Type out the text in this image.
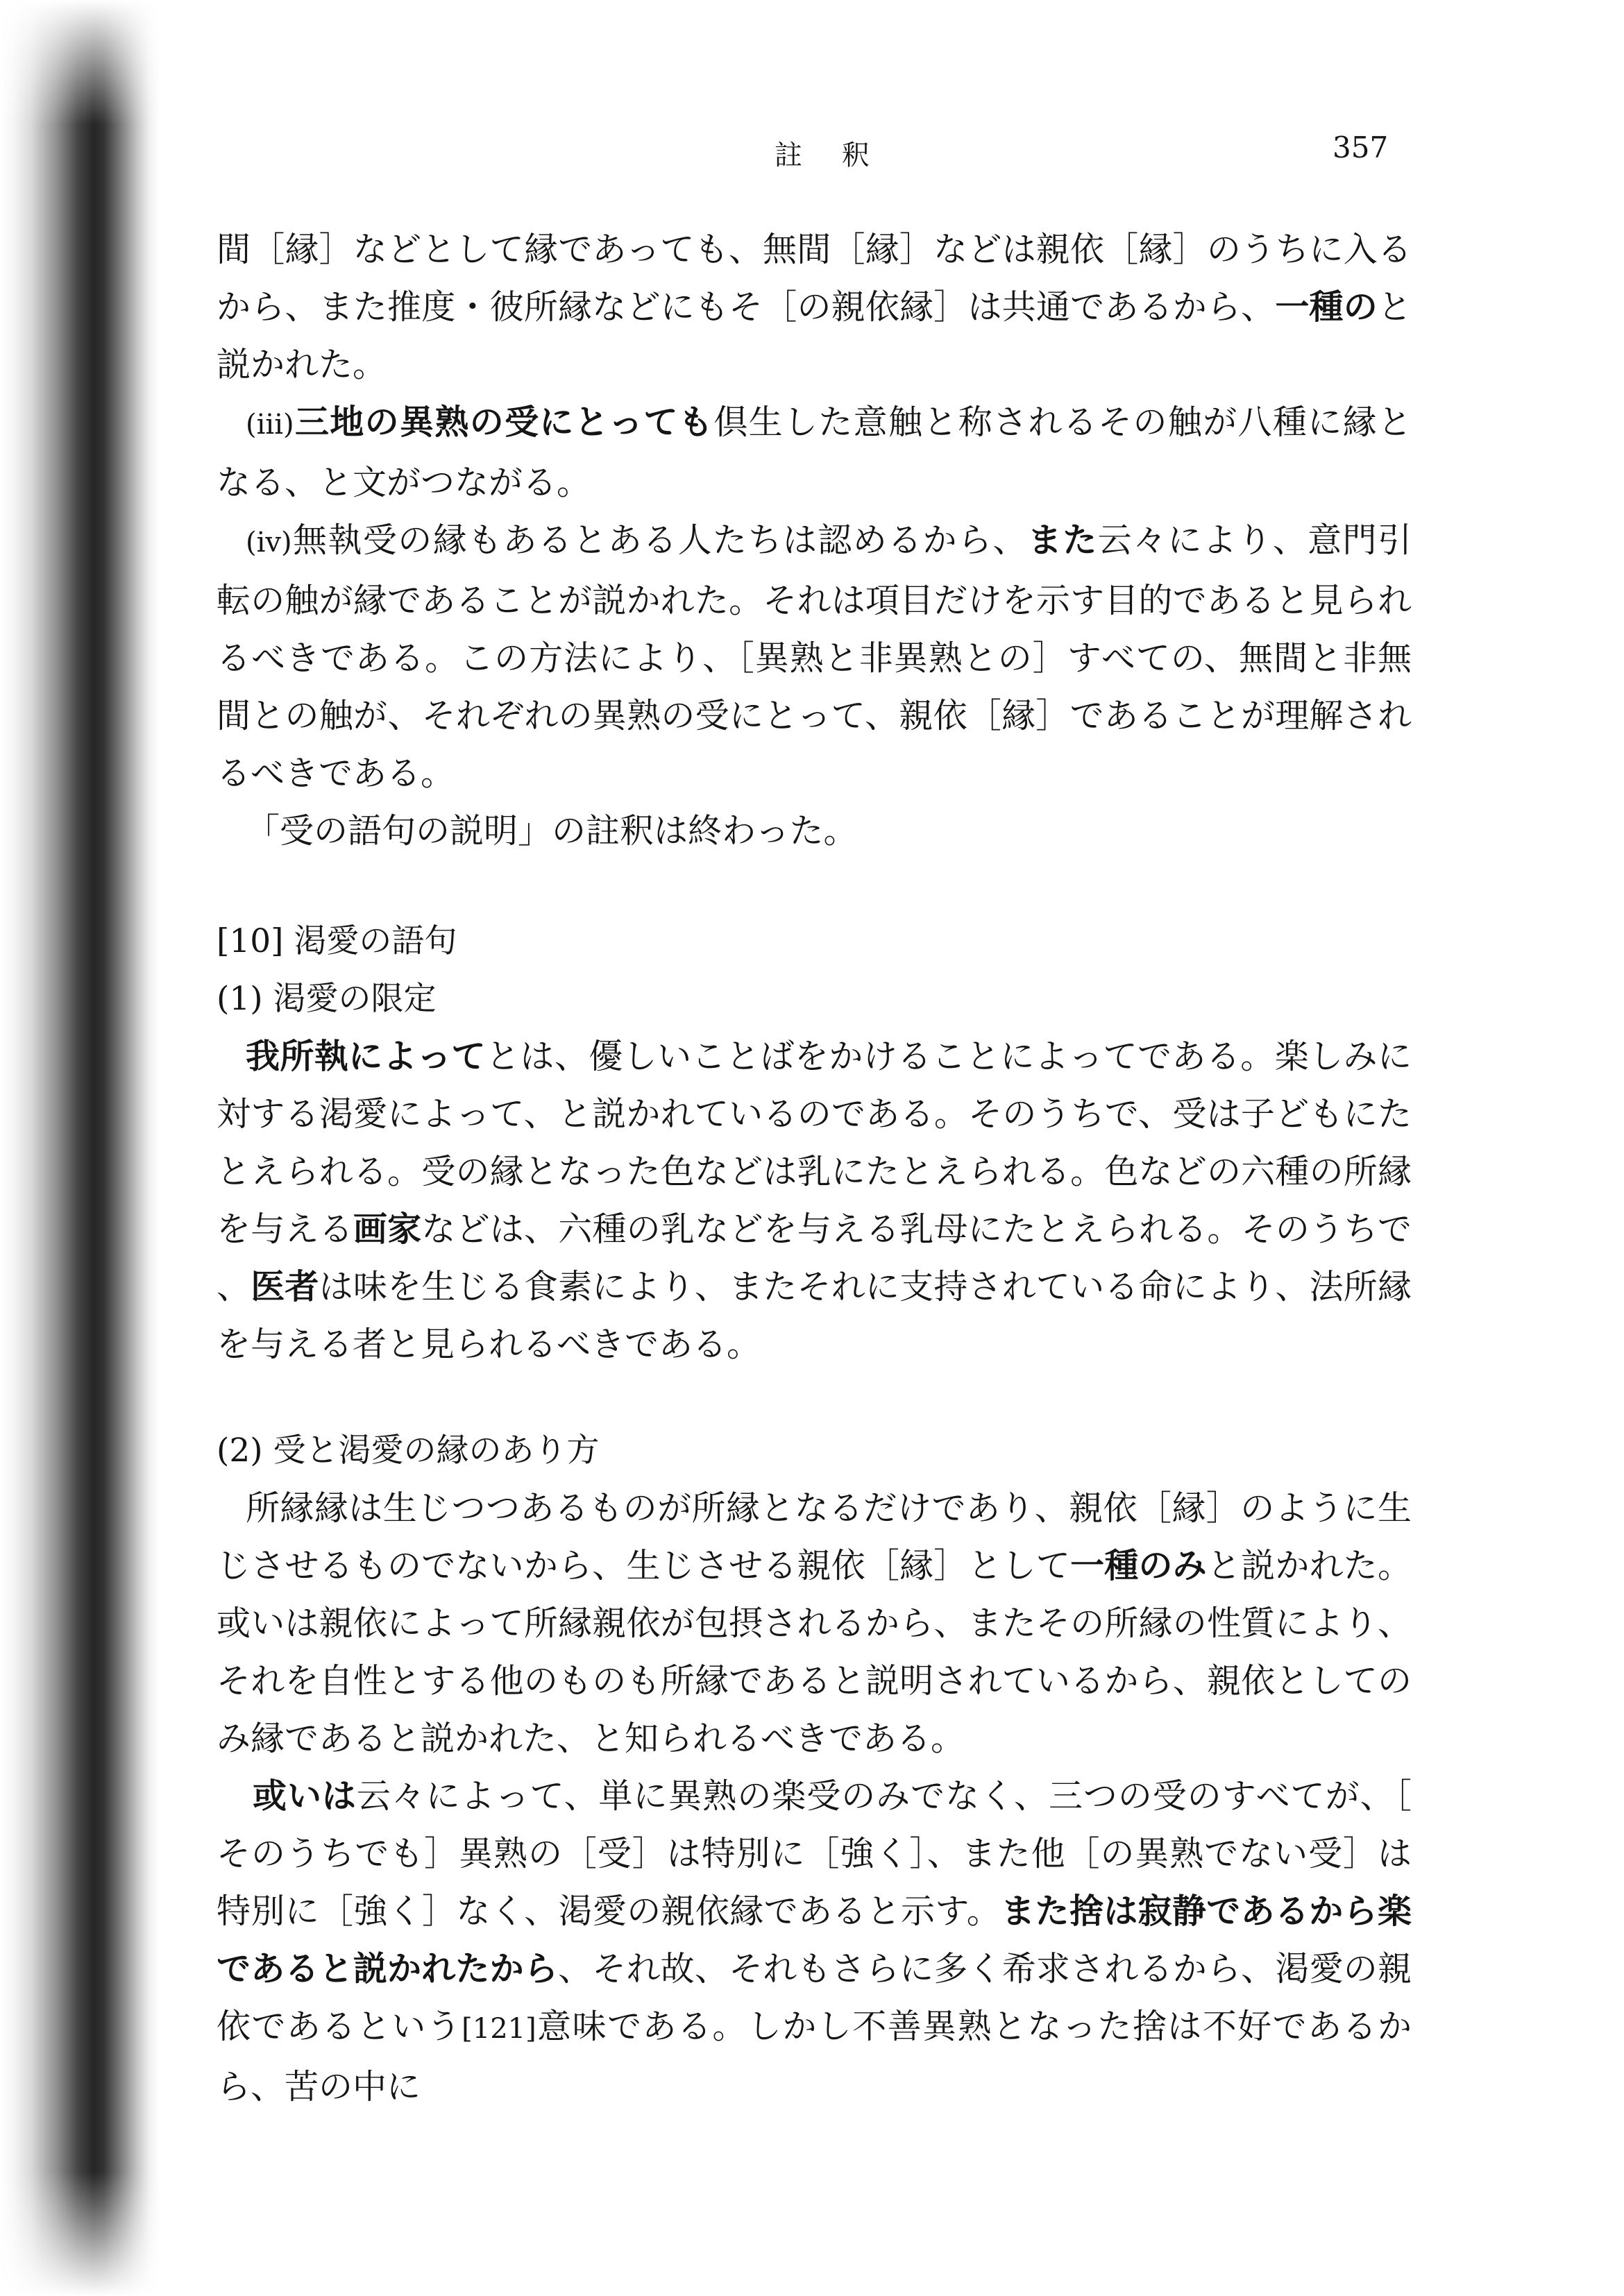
註 釈	357

間［縁］などとして縁であっても、無間［縁］などは親依［縁］のうちに入るから、また推度・彼所縁などにもそ［の親依縁］は共通であるから、一種のと説かれた。

(iii)三地の異熟の受にとっても倶生した意触と称されるその触が八種に縁となる、と文がつながる。

(iv)無執受の縁もあるとある人たちは認めるから、また云々により、意門引転の触が縁であることが説かれた。それは項目だけを示す目的であると見られるべきである。この方法により、［異熟と非異熟との］すべての、無間と非無間との触が、それぞれの異熟の受にとって、親依［縁］であることが理解されるべきである。

「受の語句の説明」の註釈は終わった。

[10] 渇愛の語句

(1) 渇愛の限定

我所執によってとは、優しいことばをかけることによってである。楽しみに対する渇愛によって、と説かれているのである。そのうちで、受は子どもにたとえられる。受の縁となった色などは乳にたとえられる。色などの六種の所縁を与える画家などは、六種の乳などを与える乳母にたとえられる。そのうちで、医者は味を生じる食素により、またそれに支持されている命により、法所縁を与える者と見られるべきである。

(2) 受と渇愛の縁のあり方

所縁縁は生じつつあるものが所縁となるだけであり、親依［縁］のように生じさせるものでないから、生じさせる親依［縁］として一種のみと説かれた。或いは親依によって所縁親依が包摂されるから、またその所縁の性質により、それを自性とする他のものも所縁であると説明されているから、親依としてのみ縁であると説かれた、と知られるべきである。

或いは云々によって、単に異熟の楽受のみでなく、三つの受のすべてが、［そのうちでも］異熟の［受］は特別に［強く］、また他［の異熟でない受］は特別に［強く］なく、渇愛の親依縁であると示す。また捨は寂静であるから楽であると説かれたから、それ故、それもさらに多く希求されるから、渇愛の親依であるという[121]意味である。しかし不善異熟となった捨は不好であるから、苦の中に
